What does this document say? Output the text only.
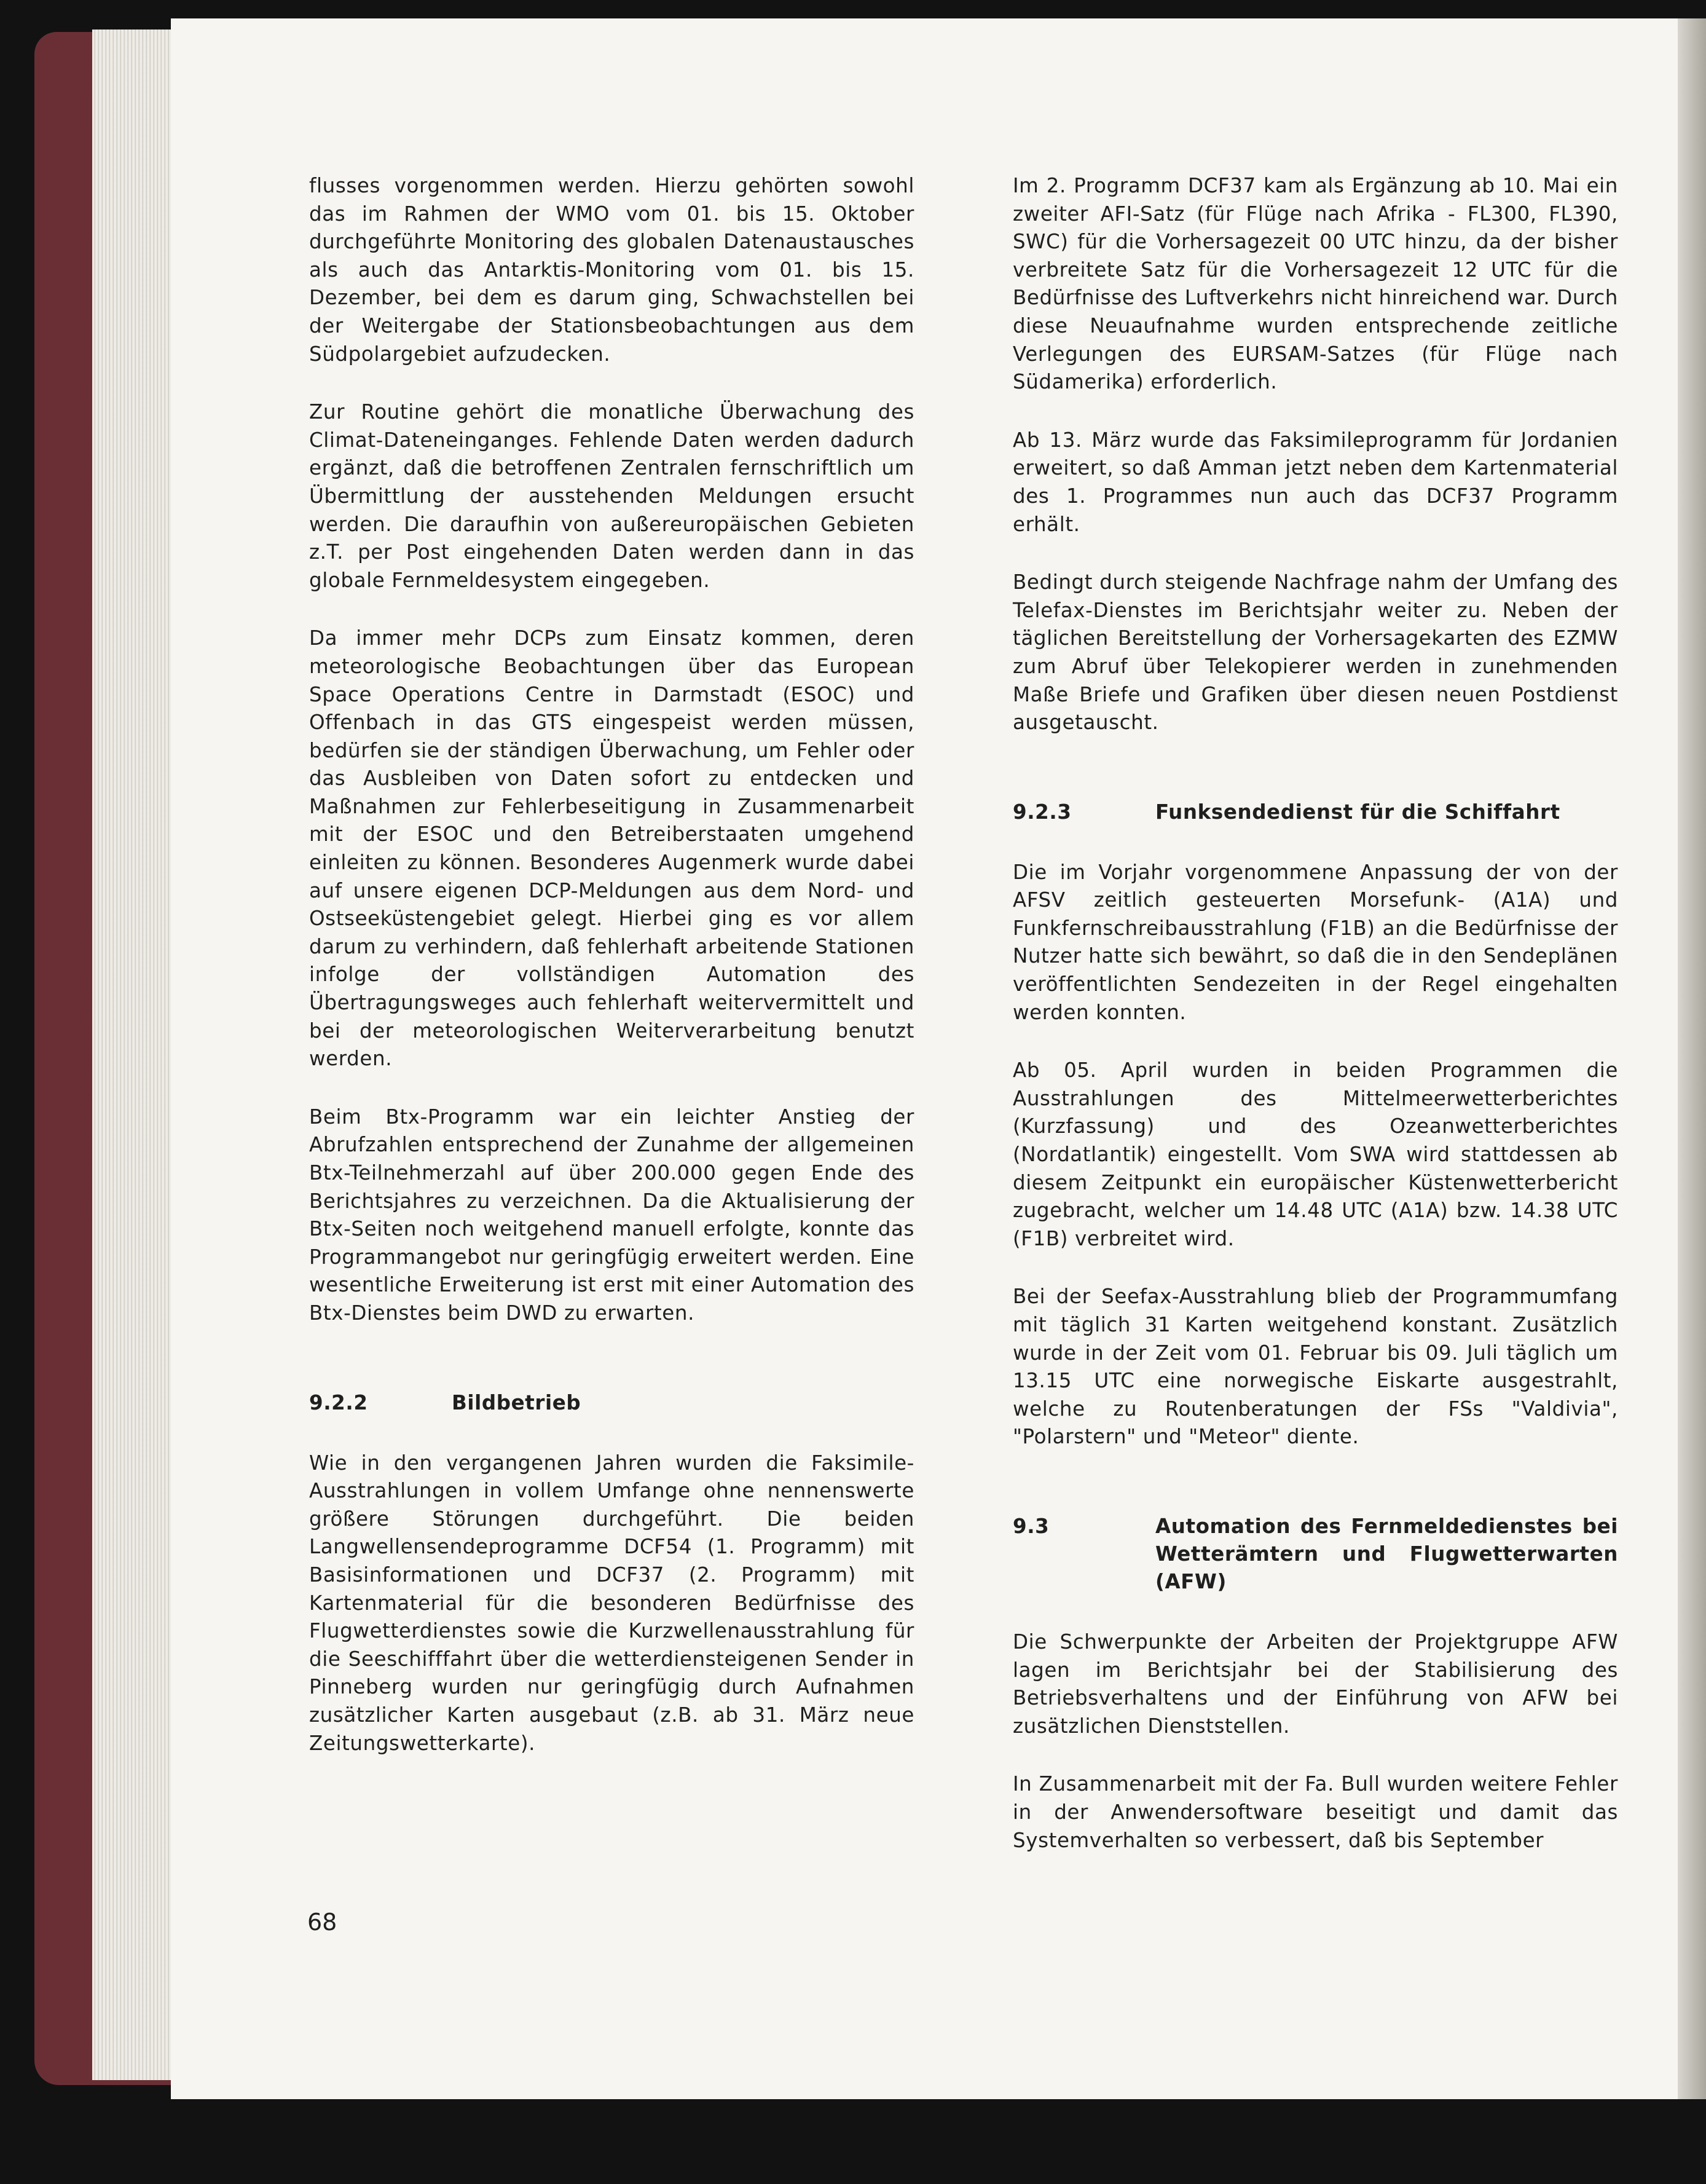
flusses vorgenommen werden. Hierzu gehörten sowohl das im Rahmen der WMO vom 01. bis 15. Oktober durchgeführte Monitoring des globalen Datenaustausches als auch das Antarktis-Monitoring vom 01. bis 15. Dezember, bei dem es darum ging, Schwachstellen bei der Weitergabe der Stationsbeobachtungen aus dem Südpolargebiet aufzudecken.

Zur Routine gehört die monatliche Überwachung des Climat-Dateneinganges. Fehlende Daten werden dadurch ergänzt, daß die betroffenen Zentralen fernschriftlich um Übermittlung der ausstehenden Meldungen ersucht werden. Die daraufhin von außereuropäischen Gebieten z.T. per Post eingehenden Daten werden dann in das globale Fernmeldesystem eingegeben.

Da immer mehr DCPs zum Einsatz kommen, deren meteorologische Beobachtungen über das European Space Operations Centre in Darmstadt (ESOC) und Offenbach in das GTS eingespeist werden müssen, bedürfen sie der ständigen Überwachung, um Fehler oder das Ausbleiben von Daten sofort zu entdecken und Maßnahmen zur Fehlerbeseitigung in Zusammenarbeit mit der ESOC und den Betreiberstaaten umgehend einleiten zu können. Besonderes Augenmerk wurde dabei auf unsere eigenen DCP-Meldungen aus dem Nord- und Ostseeküstengebiet gelegt. Hierbei ging es vor allem darum zu verhindern, daß fehlerhaft arbeitende Stationen infolge der vollständigen Automation des Übertragungsweges auch fehlerhaft weitervermittelt und bei der meteorologischen Weiterverarbeitung benutzt werden.

Beim Btx-Programm war ein leichter Anstieg der Abrufzahlen entsprechend der Zunahme der allgemeinen Btx-Teilnehmerzahl auf über 200.000 gegen Ende des Berichtsjahres zu verzeichnen. Da die Aktualisierung der Btx-Seiten noch weitgehend manuell erfolgte, konnte das Programmangebot nur geringfügig erweitert werden. Eine wesentliche Erweiterung ist erst mit einer Automation des Btx-Dienstes beim DWD zu erwarten.

9.2.2	Bildbetrieb

Wie in den vergangenen Jahren wurden die Faksimile-Ausstrahlungen in vollem Umfange ohne nennenswerte größere Störungen durchgeführt. Die beiden Langwellensendeprogramme DCF54 (1. Programm) mit Basisinformationen und DCF37 (2. Programm) mit Kartenmaterial für die besonderen Bedürfnisse des Flugwetterdienstes sowie die Kurzwellenausstrahlung für die Seeschifffahrt über die wetterdiensteigenen Sender in Pinneberg wurden nur geringfügig durch Aufnahmen zusätzlicher Karten ausgebaut (z.B. ab 31. März neue Zeitungswetterkarte).

Im 2. Programm DCF37 kam als Ergänzung ab 10. Mai ein zweiter AFI-Satz (für Flüge nach Afrika - FL300, FL390, SWC) für die Vorhersagezeit 00 UTC hinzu, da der bisher verbreitete Satz für die Vorhersagezeit 12 UTC für die Bedürfnisse des Luftverkehrs nicht hinreichend war. Durch diese Neuaufnahme wurden entsprechende zeitliche Verlegungen des EURSAM-Satzes (für Flüge nach Südamerika) erforderlich.

Ab 13. März wurde das Faksimileprogramm für Jordanien erweitert, so daß Amman jetzt neben dem Kartenmaterial des 1. Programmes nun auch das DCF37 Programm erhält.

Bedingt durch steigende Nachfrage nahm der Umfang des Telefax-Dienstes im Berichtsjahr weiter zu. Neben der täglichen Bereitstellung der Vorhersagekarten des EZMW zum Abruf über Telekopierer werden in zunehmenden Maße Briefe und Grafiken über diesen neuen Postdienst ausgetauscht.

9.2.3	Funksendedienst für die Schiffahrt

Die im Vorjahr vorgenommene Anpassung der von der AFSV zeitlich gesteuerten Morsefunk- (A1A) und Funkfernschreibausstrahlung (F1B) an die Bedürfnisse der Nutzer hatte sich bewährt, so daß die in den Sendeplänen veröffentlichten Sendezeiten in der Regel eingehalten werden konnten.

Ab 05. April wurden in beiden Programmen die Ausstrahlungen des Mittelmeerwetterberichtes (Kurzfassung) und des Ozeanwetterberichtes (Nordatlantik) eingestellt. Vom SWA wird stattdessen ab diesem Zeitpunkt ein europäischer Küstenwetterbericht zugebracht, welcher um 14.48 UTC (A1A) bzw. 14.38 UTC (F1B) verbreitet wird.

Bei der Seefax-Ausstrahlung blieb der Programmumfang mit täglich 31 Karten weitgehend konstant. Zusätzlich wurde in der Zeit vom 01. Februar bis 09. Juli täglich um 13.15 UTC eine norwegische Eiskarte ausgestrahlt, welche zu Routenberatungen der FSs "Valdivia", "Polarstern" und "Meteor" diente.

9.3	Automation des Fernmeldedienstes bei Wetterämtern und Flugwetterwarten (AFW)

Die Schwerpunkte der Arbeiten der Projektgruppe AFW lagen im Berichtsjahr bei der Stabilisierung des Betriebsverhaltens und der Einführung von AFW bei zusätzlichen Dienststellen.

In Zusammenarbeit mit der Fa. Bull wurden weitere Fehler in der Anwendersoftware beseitigt und damit das Systemverhalten so verbessert, daß bis September

68
